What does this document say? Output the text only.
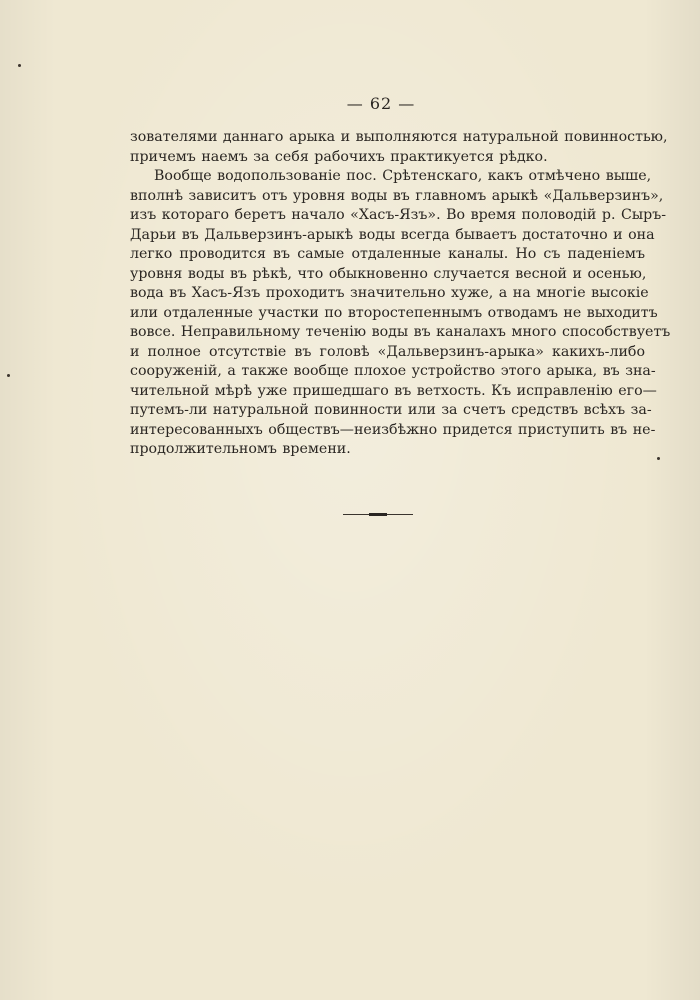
— 62 —

зователями даннаго арыка и выполняются натуральной повинностью,
причемъ наемъ за себя рабочихъ практикуется рѣдко.

Вообще водопользованіе пос. Срѣтенскаго, какъ отмѣчено выше,
вполнѣ зависитъ отъ уровня воды въ главномъ арыкѣ «Дальверзинъ»,
изъ котораго беретъ начало «Хасъ-Язъ». Во время половодій р. Сыръ-
Дарьи въ Дальверзинъ-арыкѣ воды всегда бываетъ достаточно и она
легко проводится въ самые отдаленные каналы. Но съ паденіемъ
уровня воды въ рѣкѣ, что обыкновенно случается весной и осенью,
вода въ Хасъ-Язъ проходитъ значительно хуже, а на многіе высокіе
или отдаленные участки по второстепеннымъ отводамъ не выходитъ
вовсе. Неправильному теченію воды въ каналахъ много способствуетъ
и полное отсутствіе въ головѣ «Дальверзинъ-арыка» какихъ-либо
сооруженій, а также вообще плохое устройство этого арыка, въ зна-
чительной мѣрѣ уже пришедшаго въ ветхость. Къ исправленію его—
путемъ-ли натуральной повинности или за счетъ средствъ всѣхъ за-
интересованныхъ обществъ—неизбѣжно придется приступить въ не-
продолжительномъ времени.
